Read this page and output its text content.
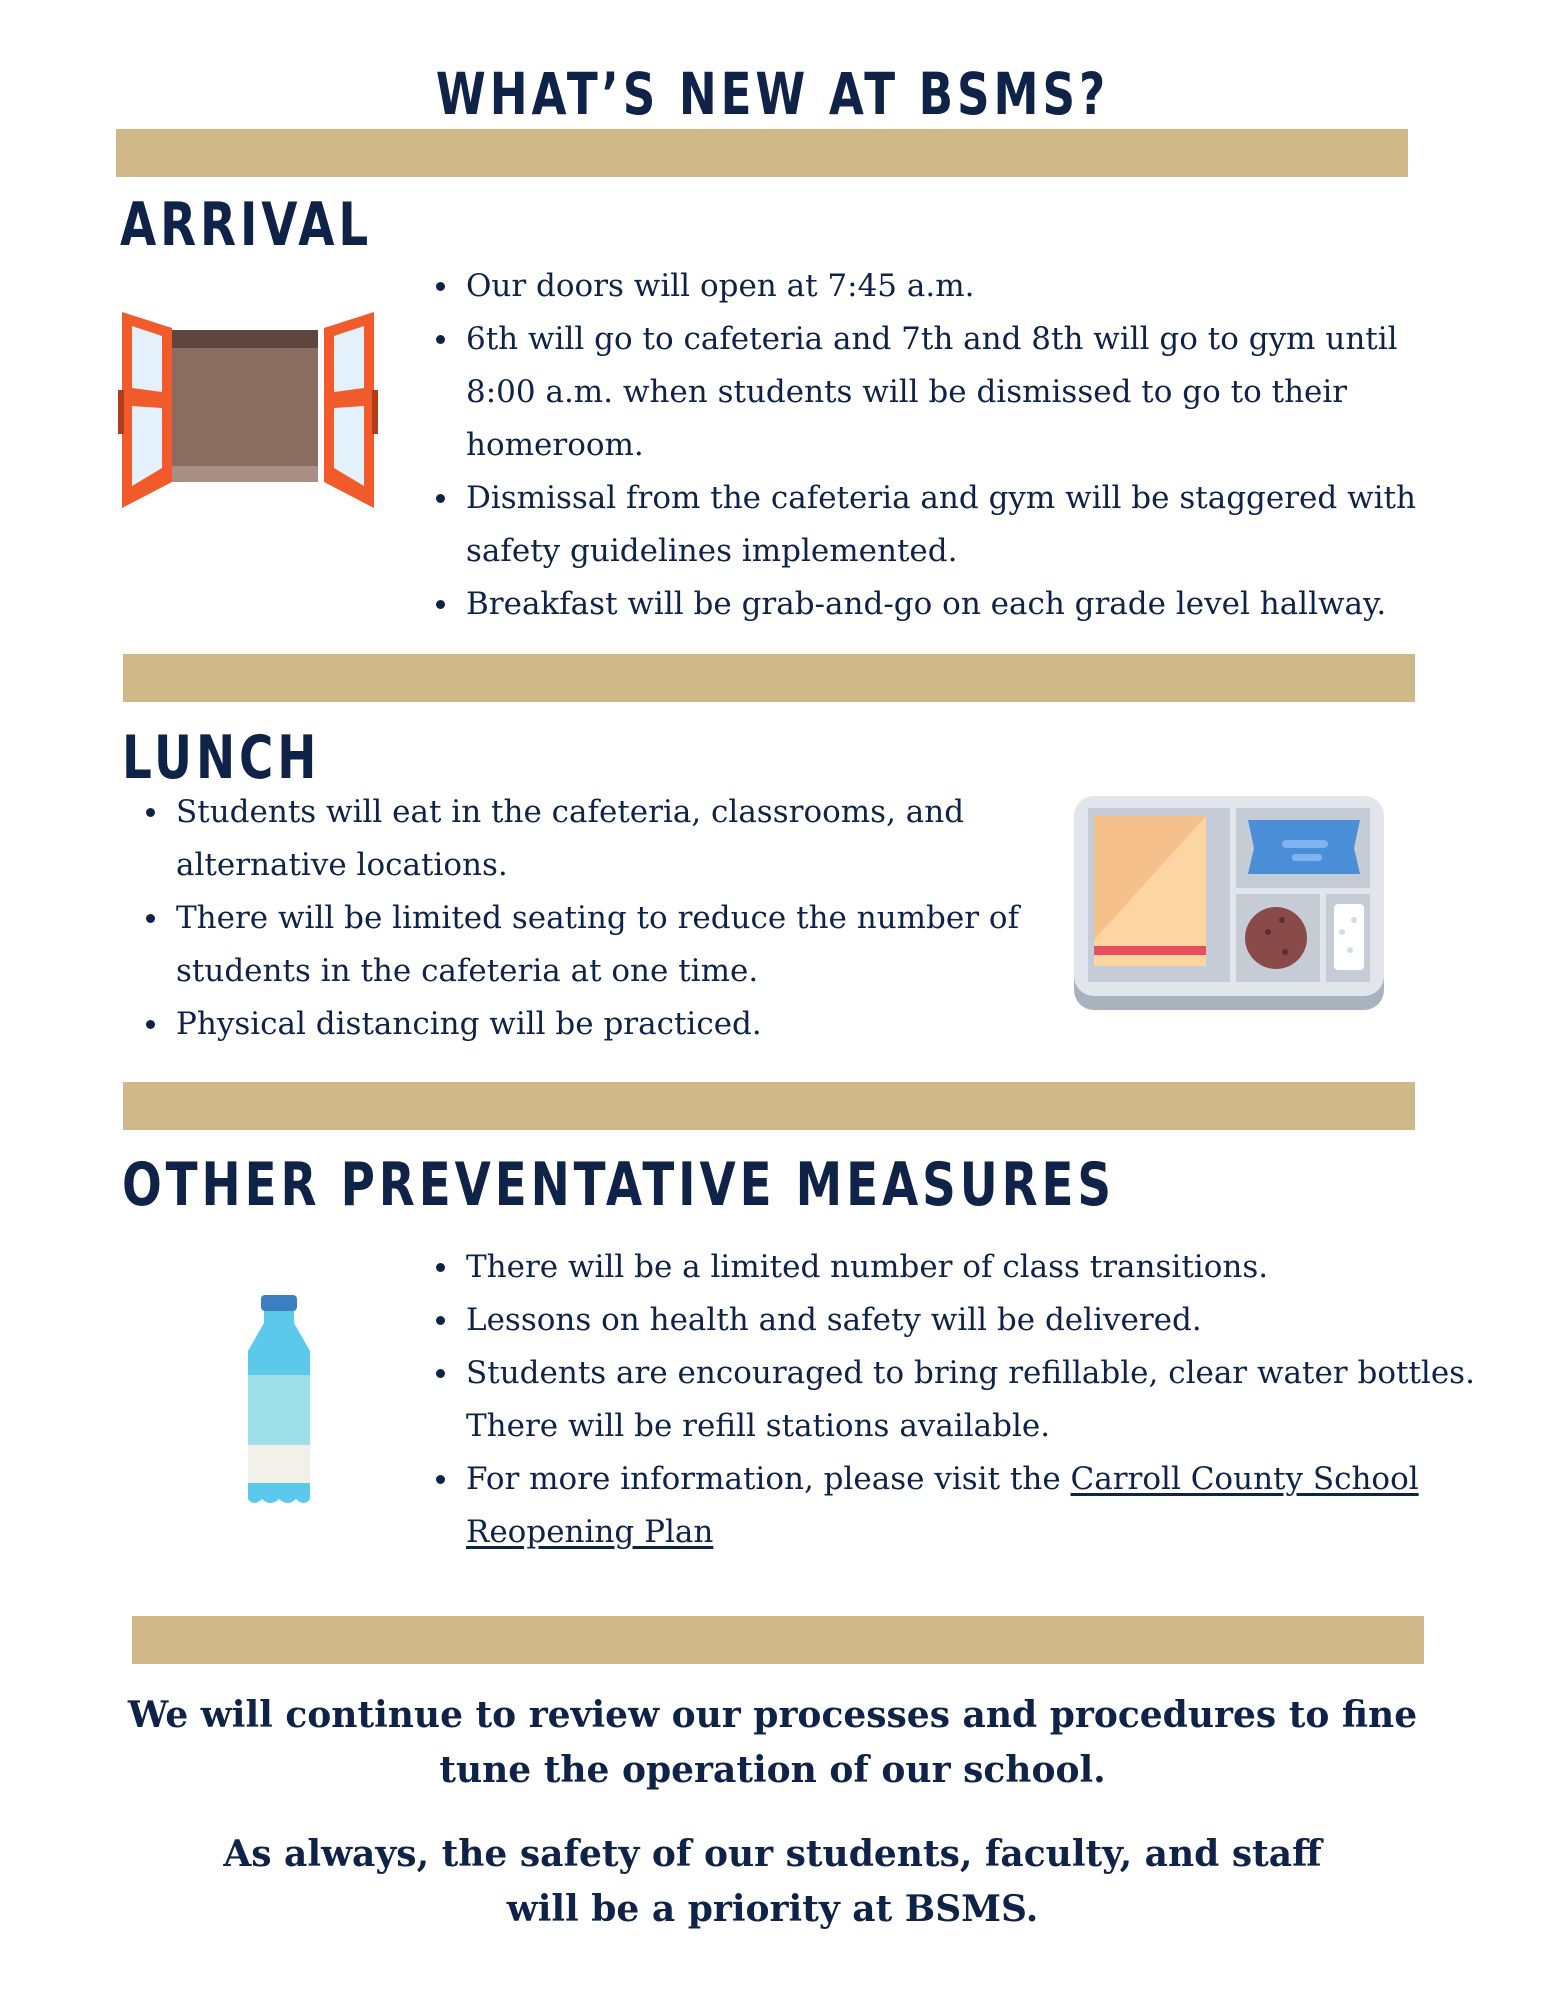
WHAT’S NEW AT BSMS?
ARRIVAL
Our doors will open at 7:45 a.m.
6th will go to cafeteria and 7th and 8th will go to gym until 8:00 a.m. when students will be dismissed to go to their homeroom.
Dismissal from the cafeteria and gym will be staggered with safety guidelines implemented.
Breakfast will be grab-and-go on each grade level hallway.
LUNCH
Students will eat in the cafeteria, classrooms, and alternative locations.
There will be limited seating to reduce the number of students in the cafeteria at one time.
Physical distancing will be practiced.
OTHER PREVENTATIVE MEASURES
There will be a limited number of class transitions.
Lessons on health and safety will be delivered.
Students are encouraged to bring refillable, clear water bottles. There will be refill stations available.
For more information, please visit the Carroll County School Reopening Plan
We will continue to review our processes and procedures to fine tune the operation of our school.
As always, the safety of our students, faculty, and staff
will be a priority at BSMS.
